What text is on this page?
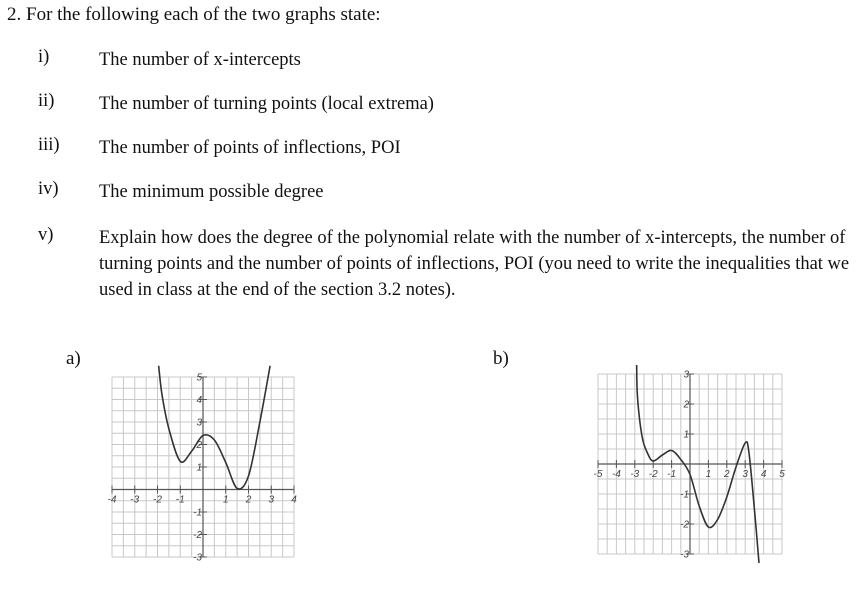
2. For the following each of the two graphs state:
i)	The number of x-intercepts
ii) The number of turning points (local extrema)
iii) The number of points of inflections, POI
iv) The minimum possible degree
v) Explain how does the degree of the polynomial relate with the number of x-intercepts, the number of turning points and the number of points of inflections, POI (you need to write the inequalities that we used in class at the end of the section 3.2 notes).
a)	b)
-4 -3 -2 -1	1 2 3 4
5
4
3
2
1
-1
-2
-3
-5 -4 -3 -2 -1	1 2 3 4 5
3
2
1
-1
-2
-3
